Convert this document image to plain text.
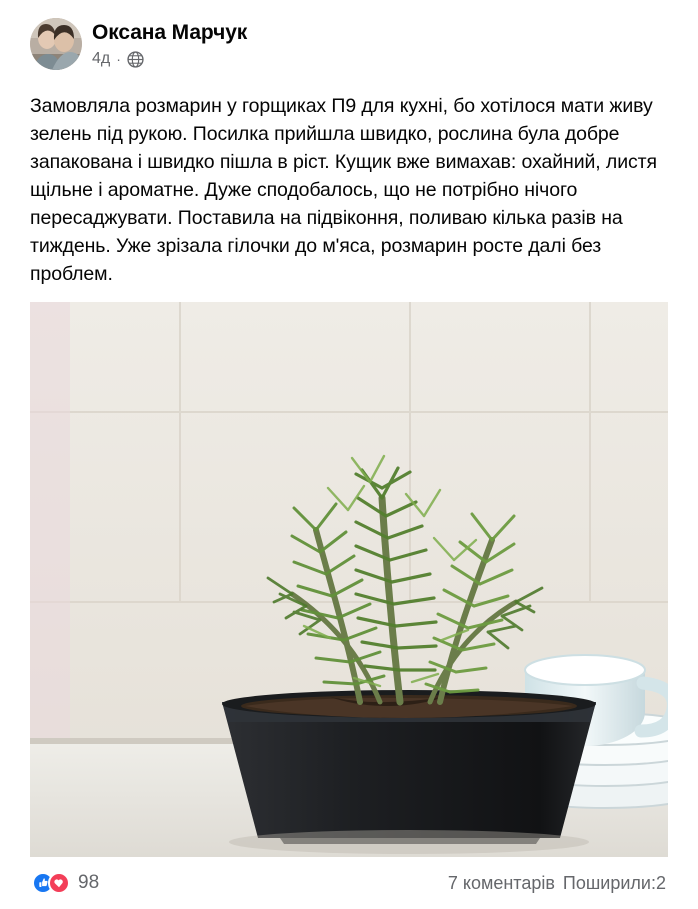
Оксана Марчук
4д ·
Замовляла розмарин у горщиках П9 для кухні, бо хотілося мати живу зелень під рукою. Посилка прийшла швидко, рослина була добре запакована і швидко пішла в ріст. Кущик вже вимахав: охайний, листя щільне і ароматне. Дуже сподобалось, що не потрібно нічого пересаджувати. Поставила на підвіконня, поливаю кілька разів на тиждень. Уже зрізала гілочки до м'яса, розмарин росте далі без проблем.
98	7 коментарів Поширили:2
